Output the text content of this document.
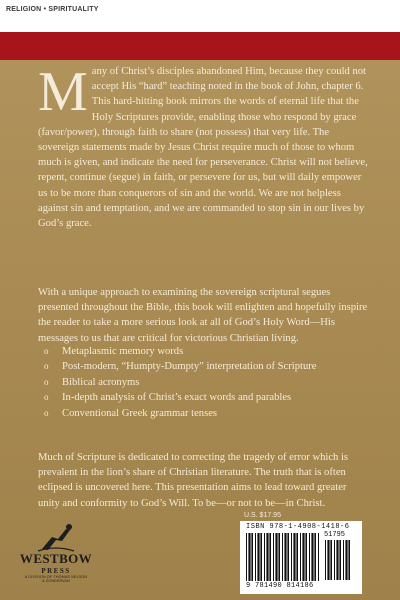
RELIGION • SPIRITUALITY
Many of Christ’s disciples abandoned Him, because they could not accept His “hard” teaching noted in the book of John, chapter 6. This hard-hitting book mirrors the words of eternal life that the Holy Scriptures provide, enabling those who respond by grace (favor/power), through faith to share (not possess) that very life. The sovereign statements made by Jesus Christ require much of those to whom much is given, and indicate the need for perseverance. Christ will not believe, repent, continue (segue) in faith, or persevere for us, but will daily empower us to be more than conquerors of sin and the world. We are not helpless against sin and temptation, and we are commanded to stop sin in our lives by God’s grace.

With a unique approach to examining the sovereign scriptural segues presented throughout the Bible, this book will enlighten and hopefully inspire the reader to take a more serious look at all of God’s Holy Word—His messages to us that are critical for victorious Christian living.

o Metaplasmic memory words
o Post-modern, “Humpty-Dumpty” interpretation of Scripture
o Biblical acronyms
o In-depth analysis of Christ’s exact words and parables
o Conventional Greek grammar tenses

Much of Scripture is dedicated to correcting the tragedy of error which is prevalent in the lion’s share of Christian literature. The truth that is often eclipsed is uncovered here. This presentation aims to lead toward greater unity and conformity to God’s Will. To be—or not to be—in Christ.

WESTBOW
PRESS
A DIVISION OF THOMAS NELSON
& ZONDERVAN
U.S. $17.95
ISBN 978-1-4908-1418-6
51795
9 781490 814186
